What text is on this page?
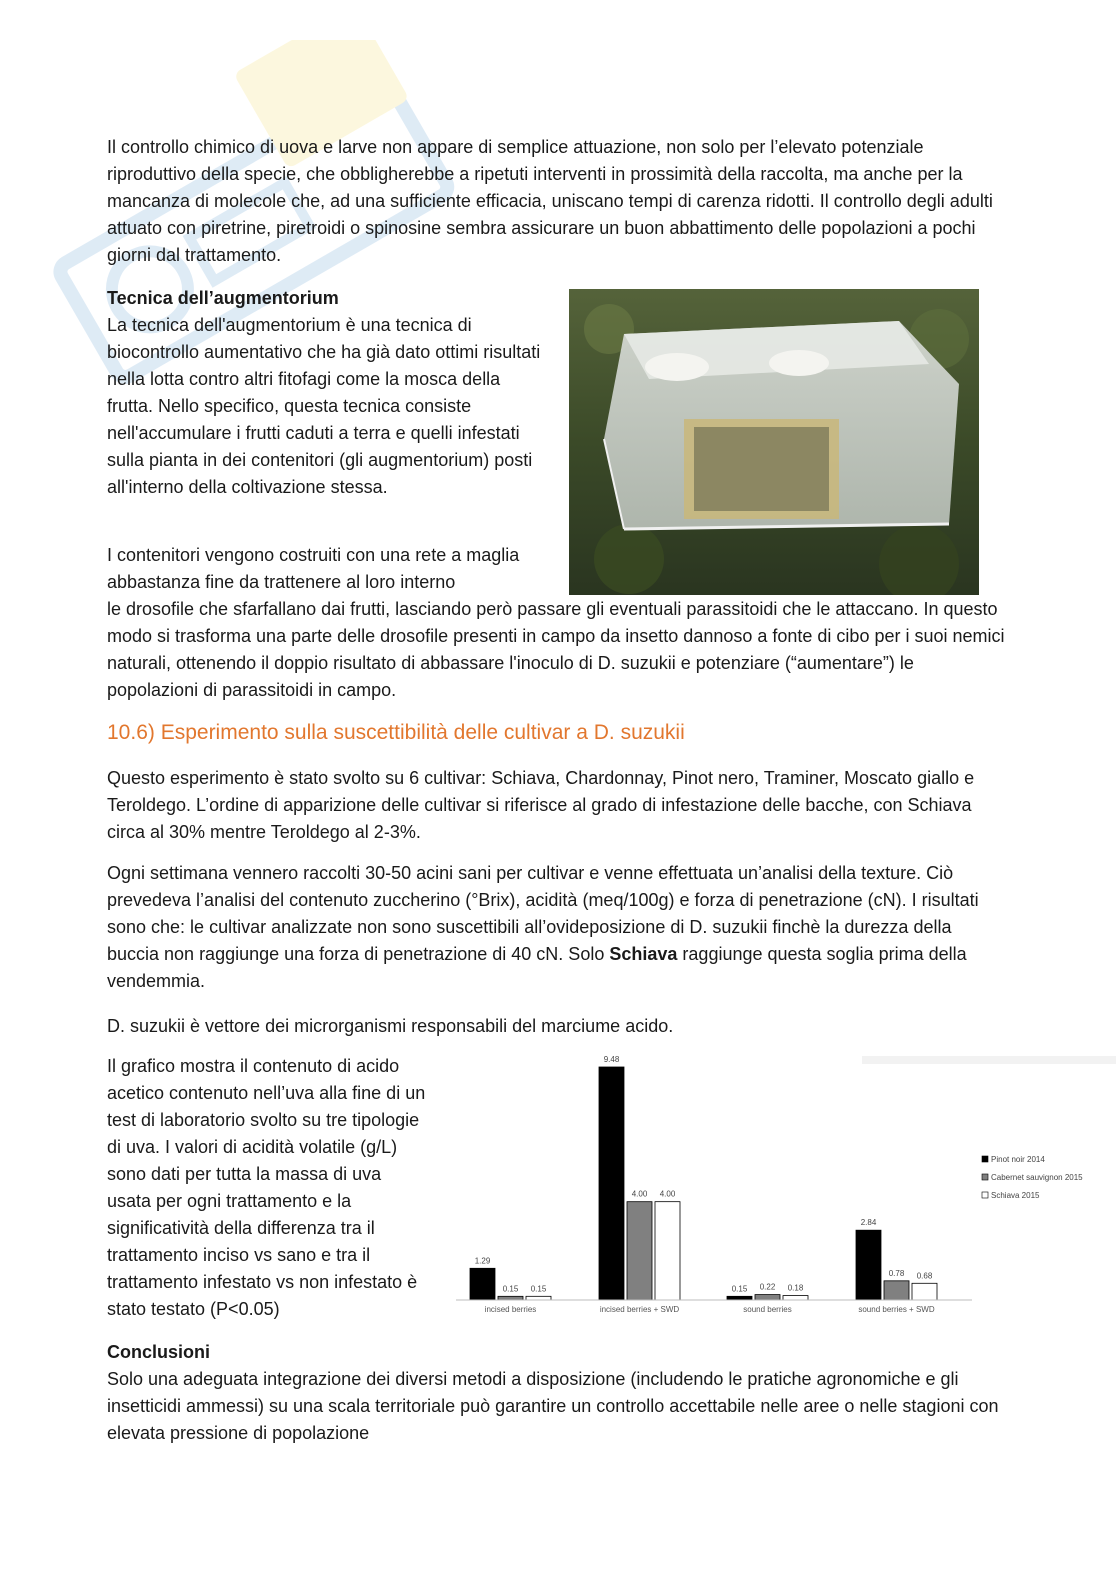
Il controllo chimico di uova e larve non appare di semplice attuazione, non solo per l’elevato potenziale riproduttivo della specie, che obbligherebbe a ripetuti interventi in prossimità della raccolta, ma anche per la mancanza di molecole che, ad una sufficiente efficacia, uniscano tempi di carenza ridotti. Il controllo degli adulti attuato con piretrine, piretroidi o spinosine sembra assicurare un buon abbattimento delle popolazioni a pochi giorni dal trattamento.

Tecnica dell’augmentorium

La tecnica dell'augmentorium è una tecnica di biocontrollo aumentativo che ha già dato ottimi risultati nella lotta contro altri fitofagi come la mosca della frutta. Nello specifico, questa tecnica consiste nell'accumulare i frutti caduti a terra e quelli infestati sulla pianta in dei contenitori (gli augmentorium) posti all'interno della coltivazione stessa.

I contenitori vengono costruiti con una rete a maglia abbastanza fine da trattenere al loro interno

le drosofile che sfarfallano dai frutti, lasciando però passare gli eventuali parassitoidi che le attaccano. In questo modo si trasforma una parte delle drosofile presenti in campo da insetto dannoso a fonte di cibo per i suoi nemici naturali, ottenendo il doppio risultato di abbassare l'inoculo di D. suzukii e potenziare (“aumentare”) le popolazioni di parassitoidi in campo.

10.6) Esperimento sulla suscettibilità delle cultivar a D. suzukii

Questo esperimento è stato svolto su 6 cultivar: Schiava, Chardonnay, Pinot nero, Traminer, Moscato giallo e Teroldego. L’ordine di apparizione delle cultivar si riferisce al grado di infestazione delle bacche, con Schiava circa al 30% mentre Teroldego al 2-3%.

Ogni settimana vennero raccolti 30-50 acini sani per cultivar e venne effettuata un’analisi della texture. Ciò prevedeva l’analisi del contenuto zuccherino (°Brix), acidità (meq/100g) e forza di penetrazione (cN). I risultati sono che: le cultivar analizzate non sono suscettibili all’ovideposizione di D. suzukii finchè la durezza della buccia non raggiunge una forza di penetrazione di 40 cN. Solo Schiava raggiunge questa soglia prima della vendemmia.

D. suzukii è vettore dei microrganismi responsabili del marciume acido.

Il grafico mostra il contenuto di acido acetico contenuto nell’uva alla fine di un test di laboratorio svolto su tre tipologie di uva. I valori di acidità volatile (g/L) sono dati per tutta la massa di uva usata per ogni trattamento e la significatività della differenza tra il trattamento inciso vs sano e tra il trattamento infestato vs non infestato è stato testato (P<0.05)

1.29
0.15 0.15
9.48
4.00 4.00
0.15 0.22 0.18
2.84
0.78 0.68
incised berries	incised berries + SWD	sound berries	sound berries + SWD
Pinot noir 2014
Cabernet sauvignon 2015
Schiava 2015

Conclusioni

Solo una adeguata integrazione dei diversi metodi a disposizione (includendo le pratiche agronomiche e gli insetticidi ammessi) su una scala territoriale può garantire un controllo accettabile nelle aree o nelle stagioni con elevata pressione di popolazione
